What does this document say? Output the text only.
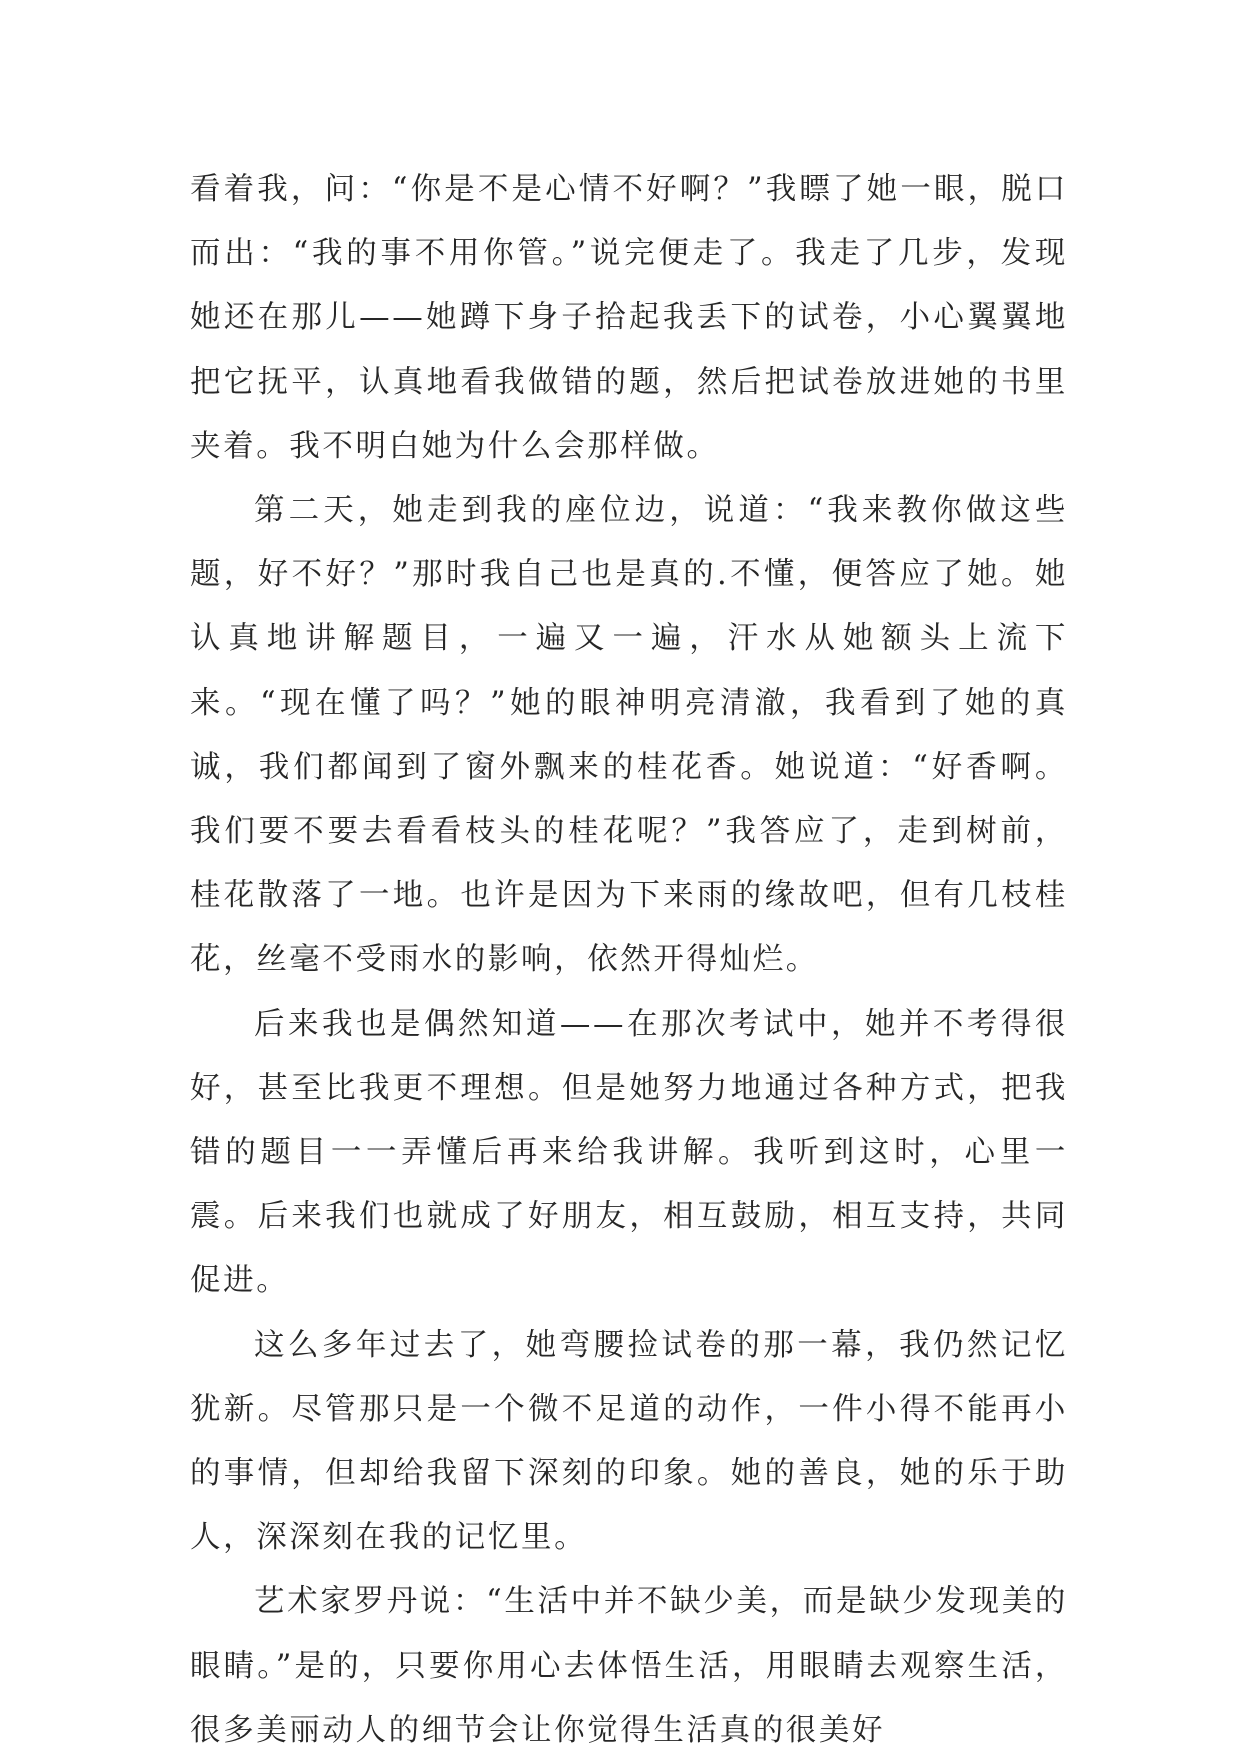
看着我，问：“你是不是心情不好啊？”我瞟了她一眼，脱口而出：“我的事不用你管。”说完便走了。我走了几步，发现她还在那儿——她蹲下身子拾起我丢下的试卷，小心翼翼地把它抚平，认真地看我做错的题，然后把试卷放进她的书里夹着。我不明白她为什么会那样做。

第二天，她走到我的座位边，说道：“我来教你做这些题，好不好？”那时我自己也是真的.不懂，便答应了她。她认真地讲解题目，一遍又一遍，汗水从她额头上流下来。“现在懂了吗？”她的眼神明亮清澈，我看到了她的真诚，我们都闻到了窗外飘来的桂花香。她说道：“好香啊。我们要不要去看看枝头的桂花呢？”我答应了，走到树前，桂花散落了一地。也许是因为下来雨的缘故吧，但有几枝桂花，丝毫不受雨水的影响，依然开得灿烂。

后来我也是偶然知道——在那次考试中，她并不考得很好，甚至比我更不理想。但是她努力地通过各种方式，把我错的题目一一弄懂后再来给我讲解。我听到这时，心里一震。后来我们也就成了好朋友，相互鼓励，相互支持，共同促进。

这么多年过去了，她弯腰捡试卷的那一幕，我仍然记忆犹新。尽管那只是一个微不足道的动作，一件小得不能再小的事情，但却给我留下深刻的印象。她的善良，她的乐于助人，深深刻在我的记忆里。

艺术家罗丹说：“生活中并不缺少美，而是缺少发现美的眼睛。”是的，只要你用心去体悟生活，用眼睛去观察生活，很多美丽动人的细节会让你觉得生活真的很美好
